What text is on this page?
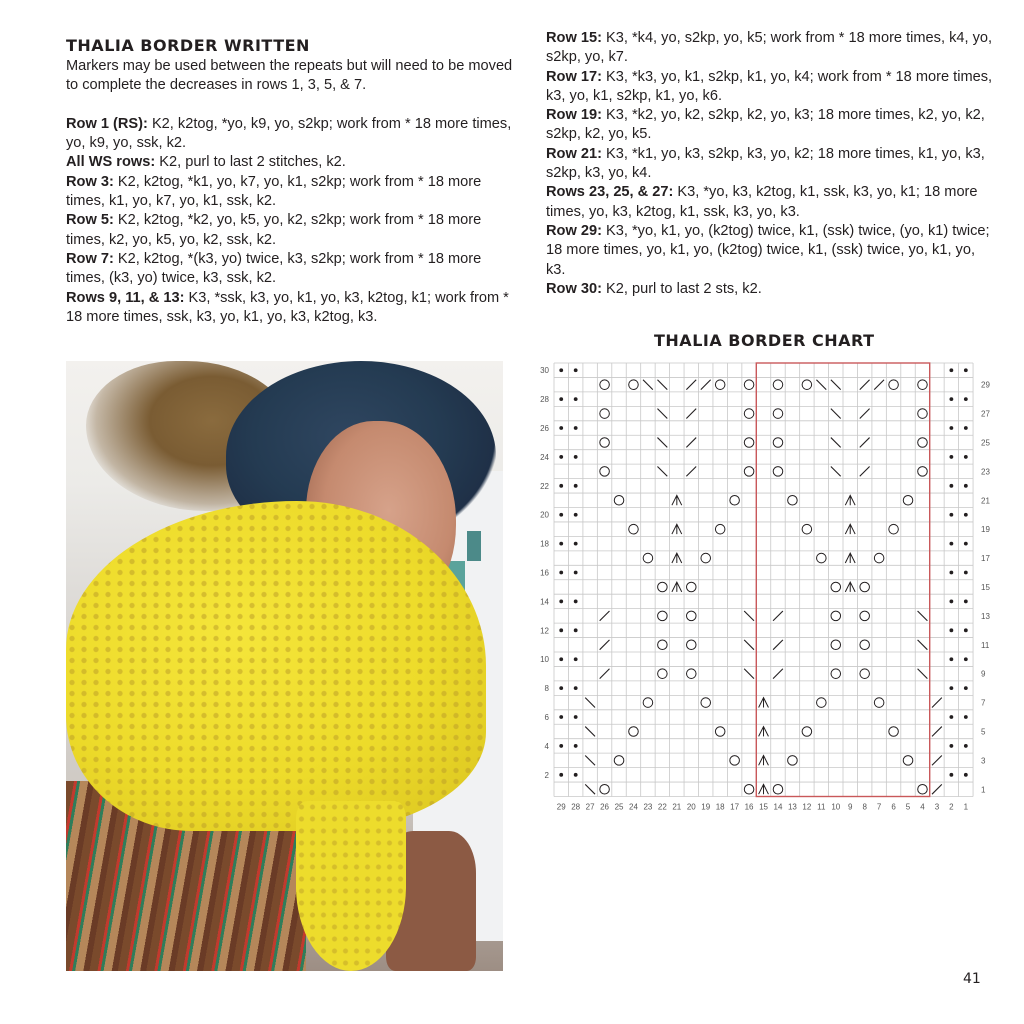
THALIA BORDER WRITTEN

Markers may be used between the repeats but will need to be moved to complete the decreases in rows 1, 3, 5, & 7.

Row 1 (RS): K2, k2tog, *yo, k9, yo, s2kp; work from * 18 more times, yo, k9, yo, ssk, k2.

All WS rows: K2, purl to last 2 stitches, k2.

Row 3: K2, k2tog, *k1, yo, k7, yo, k1, s2kp; work from * 18 more times, k1, yo, k7, yo, k1, ssk, k2.

Row 5: K2, k2tog, *k2, yo, k5, yo, k2, s2kp; work from * 18 more times, k2, yo, k5, yo, k2, ssk, k2.

Row 7: K2, k2tog, *(k3, yo) twice, k3, s2kp; work from * 18 more times, (k3, yo) twice, k3, ssk, k2.

Rows 9, 11, & 13: K3, *ssk, k3, yo, k1, yo, k3, k2tog, k1; work from * 18 more times, ssk, k3, yo, k1, yo, k3, k2tog, k3.

Row 15: K3, *k4, yo, s2kp, yo, k5; work from * 18 more times, k4, yo, s2kp, yo, k7.

Row 17: K3, *k3, yo, k1, s2kp, k1, yo, k4; work from * 18 more times, k3, yo, k1, s2kp, k1, yo, k6.

Row 19: K3, *k2, yo, k2, s2kp, k2, yo, k3; 18 more times, k2, yo, k2, s2kp, k2, yo, k5.

Row 21: K3, *k1, yo, k3, s2kp, k3, yo, k2; 18 more times, k1, yo, k3, s2kp, k3, yo, k4.

Rows 23, 25, & 27: K3, *yo, k3, k2tog, k1, ssk, k3, yo, k1; 18 more times, yo, k3, k2tog, k1, ssk, k3, yo, k3.

Row 29: K3, *yo, k1, yo, (k2tog) twice, k1, (ssk) twice, (yo, k1) twice; 18 more times, yo, k1, yo, (k2tog) twice, k1, (ssk) twice, yo, k1, yo, k3.

Row 30: K2, purl to last 2 sts, k2.

THALIA BORDER CHART
30
28
26
24
22
20
18
16
14
12
10
8
6
4
2
29
27
25
23
21
19
17
15
13
11
9
7
5
3
1
29 28 27 26 25 24 23 22 21 20 19 18 17 16 15 14 13 12 11 10 9 8 7 6 5 4 3 2 1
41
